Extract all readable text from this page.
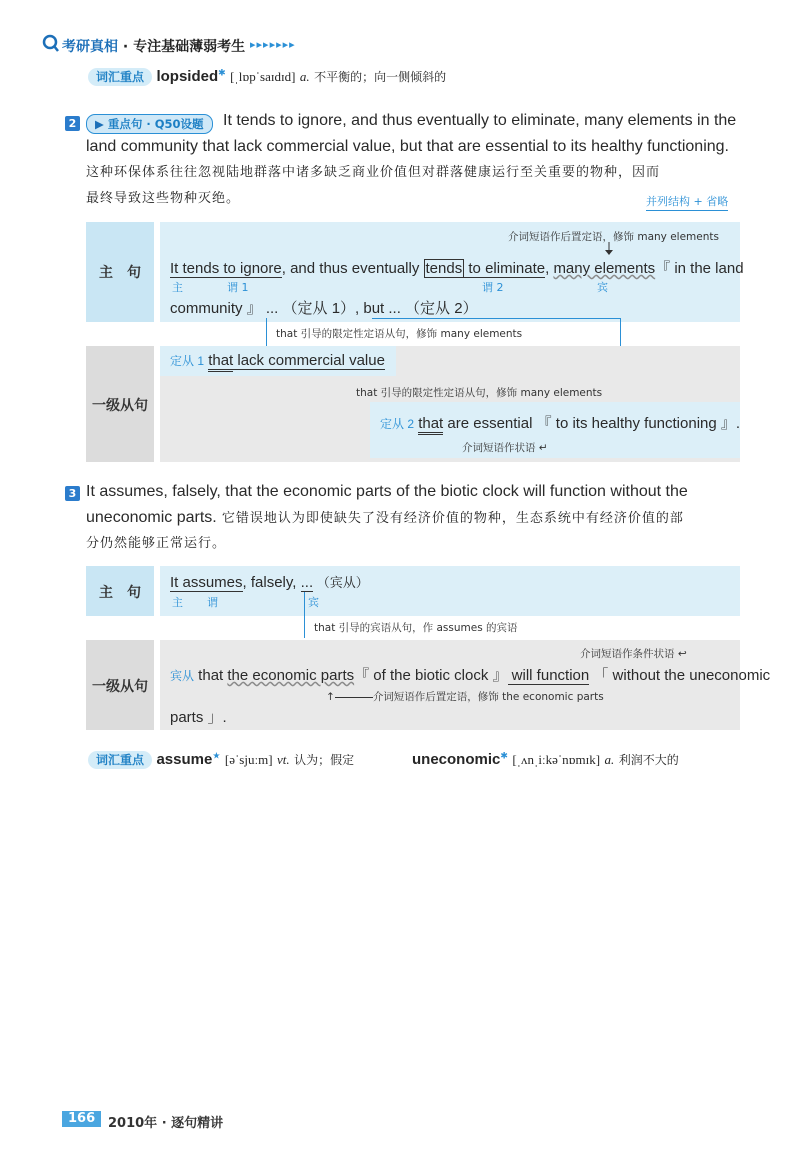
考研真相 · 专注基础薄弱考生 ▸▸▸▸▸▸▸
词汇重点 lopsided✱ [ˌlɒpˈsaɪdɪd] a. 不平衡的；向一侧倾斜的
2	▶ 重点句 · Q50设题	It tends to ignore, and thus eventually to eliminate, many elements in the
land community that lack commercial value, but that are essential to its healthy functioning.
这种环保体系往往忽视陆地群落中诸多缺乏商业价值但对群落健康运行至关重要的物种，因而
最终导致这些物种灭绝。	并列结构 + 省略
主　句
介词短语作后置定语，修饰 many elements
It tends to ignore, and thus eventually tends to eliminate, many elements『 in the land
主	谓 1	谓 2	宾
community 』 ... （定从 1）, but ... （定从 2）
that 引导的限定性定语从句，修饰 many elements
一级从句
定从 1 that lack commercial value
that 引导的限定性定语从句，修饰 many elements
定从 2 that are essential 『 to its healthy functioning 』.
介词短语作状语 ↵
3 It assumes, falsely, that the economic parts of the biotic clock will function without the
uneconomic parts. 它错误地认为即使缺失了没有经济价值的物种，生态系统中有经济价值的部
分仍然能够正常运行。
主　句
It assumes, falsely, ... （宾从）
主 谓	宾
that 引导的宾语从句，作 assumes 的宾语
一级从句
介词短语作条件状语 ↩
宾从 that the economic parts『 of the biotic clock 』 will function 「 without the uneconomic
↑	介词短语作后置定语，修饰 the economic parts
parts 」.
词汇重点 assume★ [əˈsjuːm] vt. 认为；假定	uneconomic✱ [ˌʌnˌiːkəˈnɒmɪk] a. 利润不大的
166 2010年 · 逐句精讲
